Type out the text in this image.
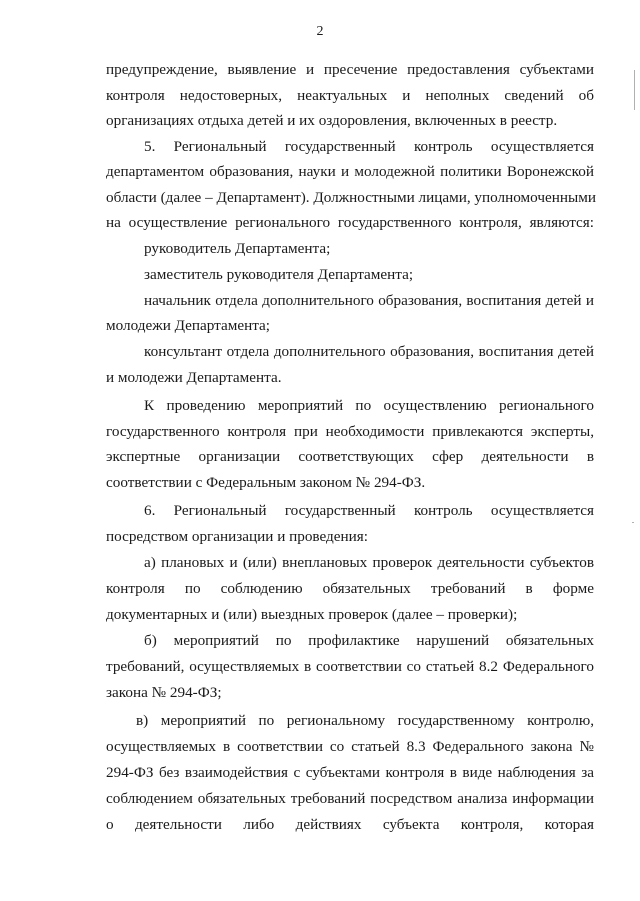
2
предупреждение, выявление и пресечение предоставления субъектами
контроля недостоверных, неактуальных и неполных сведений об
организациях отдыха детей и их оздоровления, включенных в реестр.
5. Региональный государственный контроль осуществляется
департаментом образования, науки и молодежной политики Воронежской
области (далее – Департамент). Должностными лицами, уполномоченными
на осуществление регионального государственного контроля, являются:
руководитель Департамента;
заместитель руководителя Департамента;
начальник отдела дополнительного образования, воспитания детей и
молодежи Департамента;
консультант отдела дополнительного образования, воспитания детей
и молодежи Департамента.
К проведению мероприятий по осуществлению регионального
государственного контроля при необходимости привлекаются эксперты,
экспертные организации соответствующих сфер деятельности в
соответствии с Федеральным законом № 294-ФЗ.
6. Региональный государственный контроль осуществляется
посредством организации и проведения:
а) плановых и (или) внеплановых проверок деятельности субъектов
контроля по соблюдению обязательных требований в форме
документарных и (или) выездных проверок (далее – проверки);
б) мероприятий по профилактике нарушений обязательных
требований, осуществляемых в соответствии со статьей 8.2 Федерального
закона № 294-ФЗ;
в) мероприятий по региональному государственному контролю,
осуществляемых в соответствии со статьей 8.3 Федерального закона №
294-ФЗ без взаимодействия с субъектами контроля в виде наблюдения за
соблюдением обязательных требований посредством анализа информации
о деятельности либо действиях субъекта контроля, которая
